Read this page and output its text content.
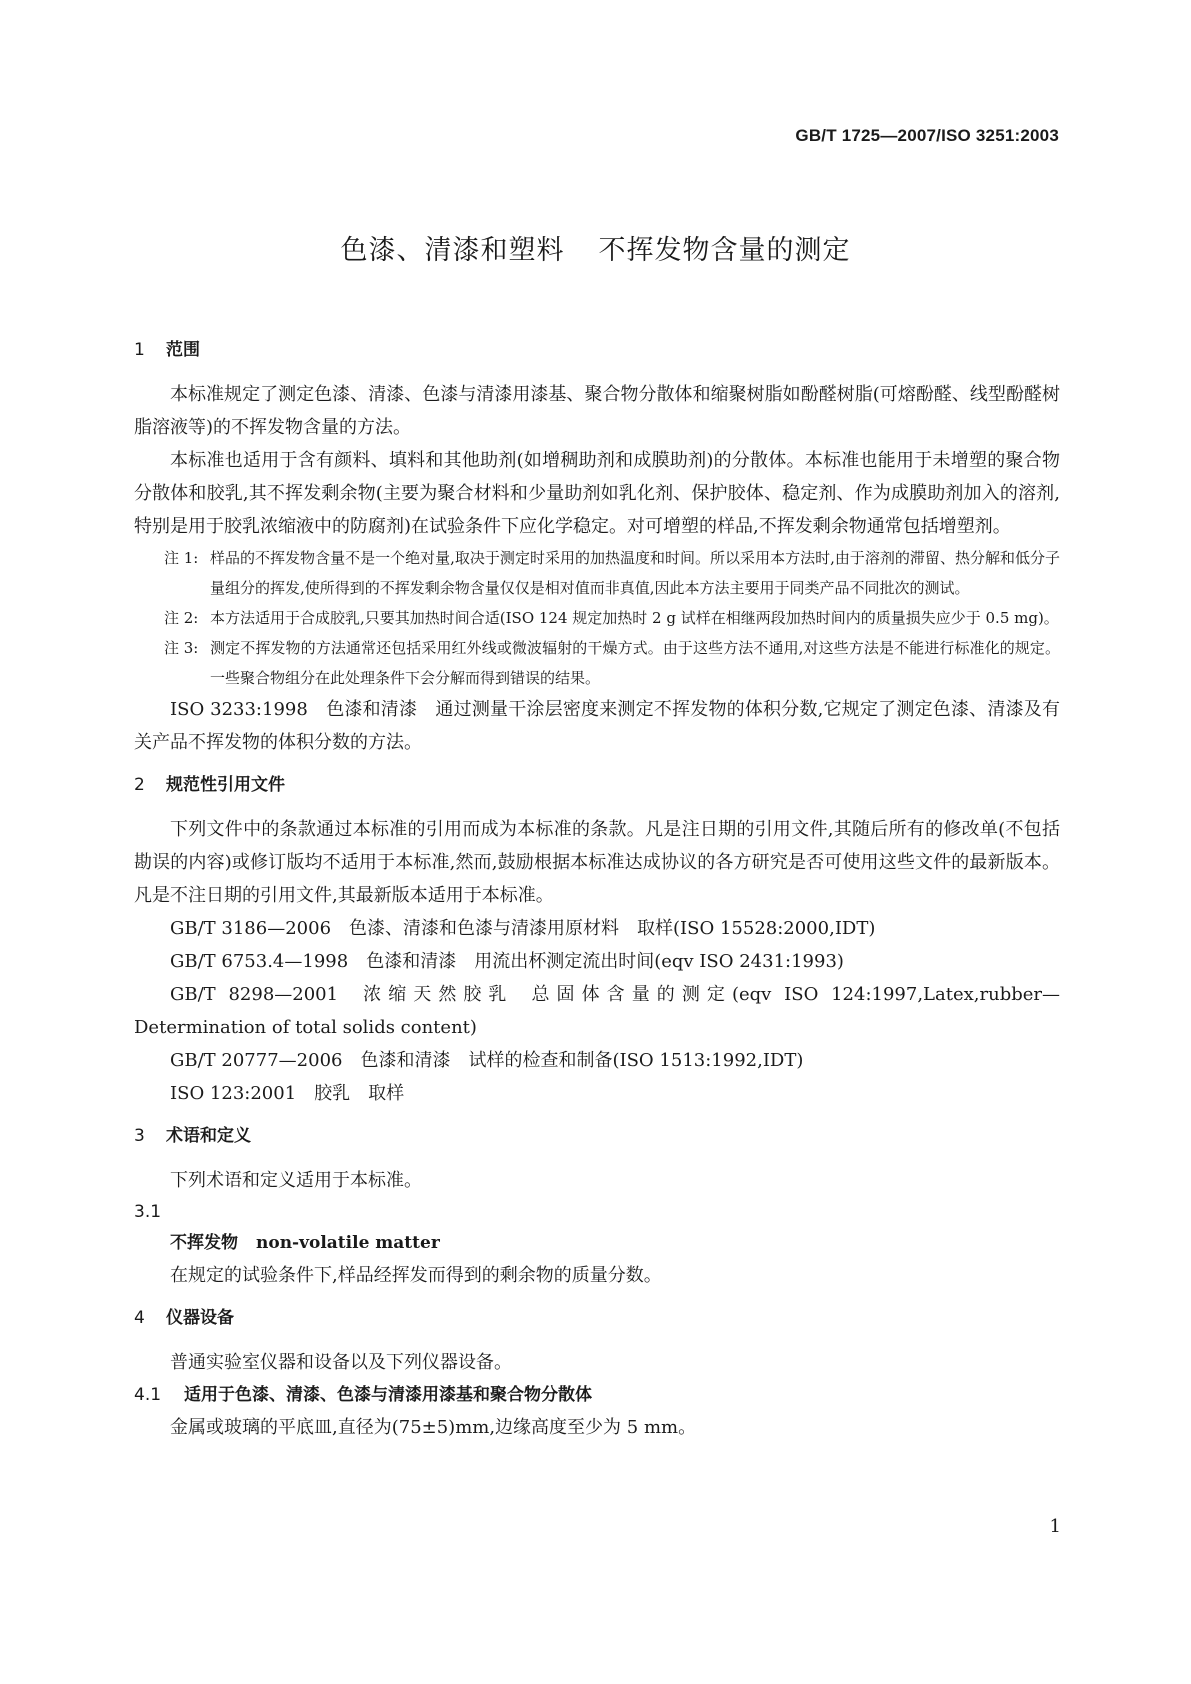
GB/T 1725—2007/ISO 3251:2003
色漆、清漆和塑料 不挥发物含量的测定
1 范围

本标准规定了测定色漆、清漆、色漆与清漆用漆基、聚合物分散体和缩聚树脂如酚醛树脂(可熔酚醛、线型酚醛树脂溶液等)的不挥发物含量的方法。

本标准也适用于含有颜料、填料和其他助剂(如增稠助剂和成膜助剂)的分散体。本标准也能用于未增塑的聚合物分散体和胶乳,其不挥发剩余物(主要为聚合材料和少量助剂如乳化剂、保护胶体、稳定剂、作为成膜助剂加入的溶剂,特别是用于胶乳浓缩液中的防腐剂)在试验条件下应化学稳定。对可增塑的样品,不挥发剩余物通常包括增塑剂。

注 1: 样品的不挥发物含量不是一个绝对量,取决于测定时采用的加热温度和时间。所以采用本方法时,由于溶剂的滞留、热分解和低分子量组分的挥发,使所得到的不挥发剩余物含量仅仅是相对值而非真值,因此本方法主要用于同类产品不同批次的测试。

注 2: 本方法适用于合成胶乳,只要其加热时间合适(ISO 124 规定加热时 2 g 试样在相继两段加热时间内的质量损失应少于 0.5 mg)。

注 3: 测定不挥发物的方法通常还包括采用红外线或微波辐射的干燥方式。由于这些方法不通用,对这些方法是不能进行标准化的规定。一些聚合物组分在此处理条件下会分解而得到错误的结果。

ISO 3233:1998　色漆和清漆　通过测量干涂层密度来测定不挥发物的体积分数,它规定了测定色漆、清漆及有关产品不挥发物的体积分数的方法。

2 规范性引用文件

下列文件中的条款通过本标准的引用而成为本标准的条款。凡是注日期的引用文件,其随后所有的修改单(不包括勘误的内容)或修订版均不适用于本标准,然而,鼓励根据本标准达成协议的各方研究是否可使用这些文件的最新版本。凡是不注日期的引用文件,其最新版本适用于本标准。

GB/T 3186—2006 色漆、清漆和色漆与清漆用原材料 取样(ISO 15528:2000,IDT)

GB/T 6753.4—1998 色漆和清漆 用流出杯测定流出时间(eqv ISO 2431:1993)

GB/T 8298—2001 浓缩天然胶乳 总固体含量的测定(eqv ISO 124:1997,Latex,rubber—Determination of total solids content)

GB/T 20777—2006 色漆和清漆 试样的检查和制备(ISO 1513:1992,IDT)

ISO 123:2001 胶乳 取样

3 术语和定义

下列术语和定义适用于本标准。

3.1

不挥发物 non-volatile matter

在规定的试验条件下,样品经挥发而得到的剩余物的质量分数。

4 仪器设备

普通实验室仪器和设备以及下列仪器设备。

4.1 适用于色漆、清漆、色漆与清漆用漆基和聚合物分散体

金属或玻璃的平底皿,直径为(75±5)mm,边缘高度至少为 5 mm。

1
